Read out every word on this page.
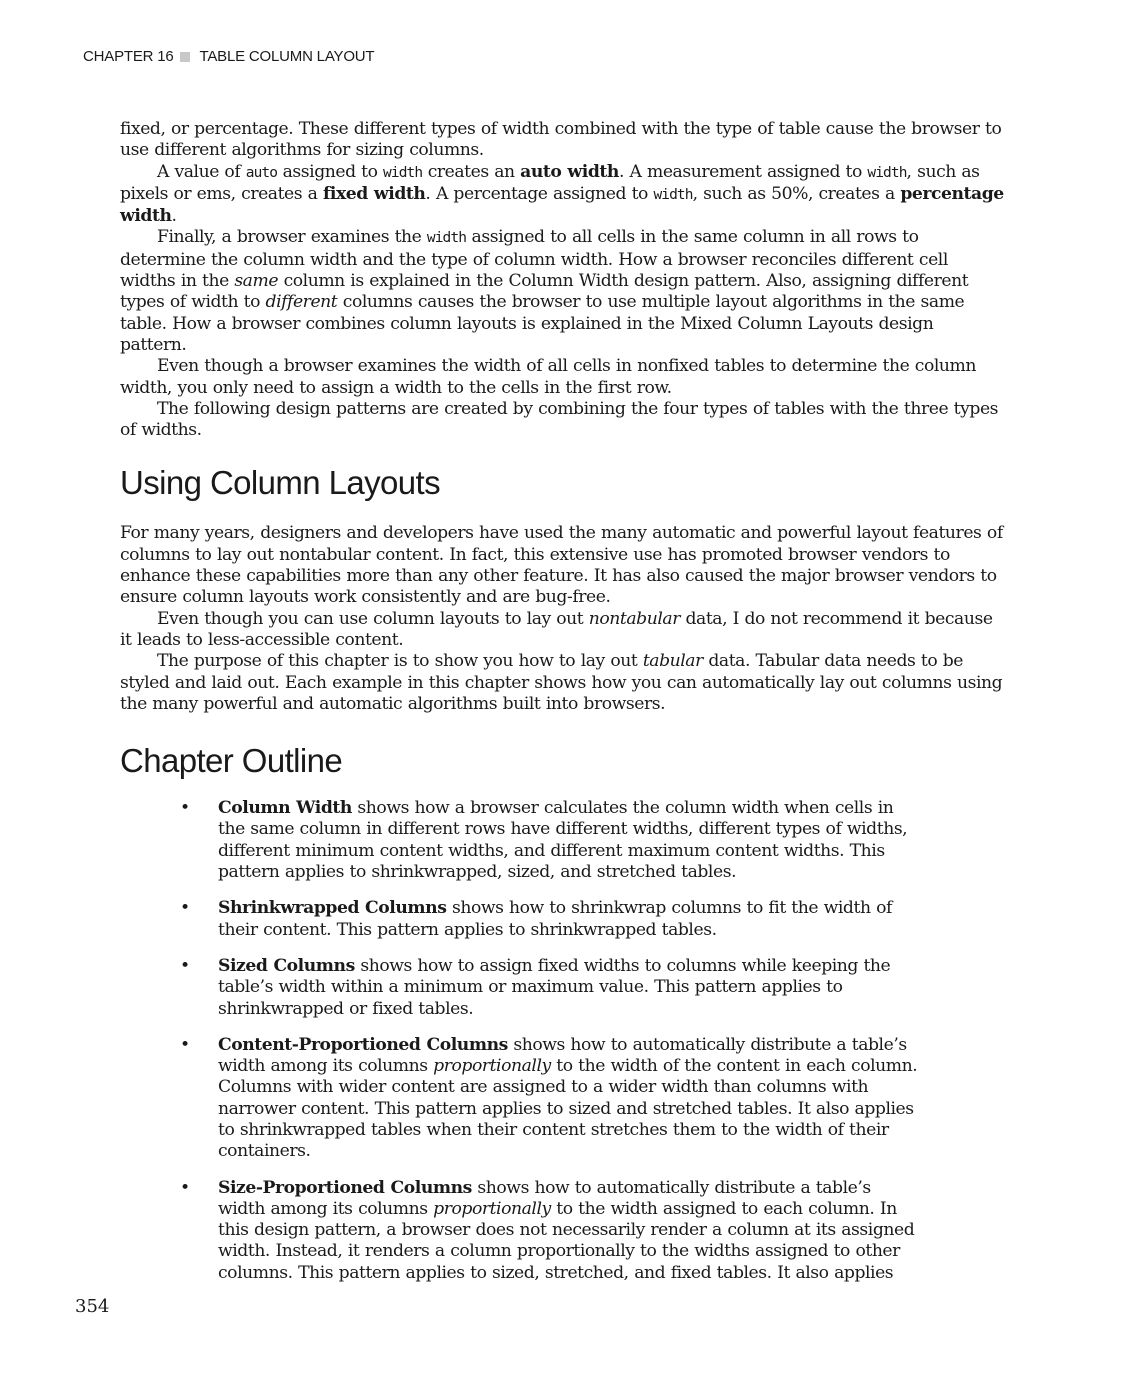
CHAPTER 16 TABLE COLUMN LAYOUT

fixed, or percentage. These different types of width combined with the type of table cause the browser to use different algorithms for sizing columns.

A value of auto assigned to width creates an auto width. A measurement assigned to width, such as pixels or ems, creates a fixed width. A percentage assigned to width, such as 50%, creates a percentage width.

Finally, a browser examines the width assigned to all cells in the same column in all rows to determine the column width and the type of column width. How a browser reconciles different cell widths in the same column is explained in the Column Width design pattern. Also, assigning different types of width to different columns causes the browser to use multiple layout algorithms in the same table. How a browser combines column layouts is explained in the Mixed Column Layouts design pattern.

Even though a browser examines the width of all cells in nonfixed tables to determine the column width, you only need to assign a width to the cells in the first row.

The following design patterns are created by combining the four types of tables with the three types of widths.

Using Column Layouts

For many years, designers and developers have used the many automatic and powerful layout features of columns to lay out nontabular content. In fact, this extensive use has promoted browser vendors to enhance these capabilities more than any other feature. It has also caused the major browser vendors to ensure column layouts work consistently and are bug-free.

Even though you can use column layouts to lay out nontabular data, I do not recommend it because it leads to less-accessible content.

The purpose of this chapter is to show you how to lay out tabular data. Tabular data needs to be styled and laid out. Each example in this chapter shows how you can automatically lay out columns using the many powerful and automatic algorithms built into browsers.

Chapter Outline
• Column Width shows how a browser calculates the column width when cells in the same column in different rows have different widths, different types of widths, different minimum content widths, and different maximum content widths. This pattern applies to shrinkwrapped, sized, and stretched tables.
• Shrinkwrapped Columns shows how to shrinkwrap columns to fit the width of their content. This pattern applies to shrinkwrapped tables.
• Sized Columns shows how to assign fixed widths to columns while keeping the table’s width within a minimum or maximum value. This pattern applies to shrinkwrapped or fixed tables.
• Content-Proportioned Columns shows how to automatically distribute a table’s width among its columns proportionally to the width of the content in each column. Columns with wider content are assigned to a wider width than columns with narrower content. This pattern applies to sized and stretched tables. It also applies to shrinkwrapped tables when their content stretches them to the width of their containers.
• Size-Proportioned Columns shows how to automatically distribute a table’s width among its columns proportionally to the width assigned to each column. In this design pattern, a browser does not necessarily render a column at its assigned width. Instead, it renders a column proportionally to the widths assigned to other columns. This pattern applies to sized, stretched, and fixed tables. It also applies
354
